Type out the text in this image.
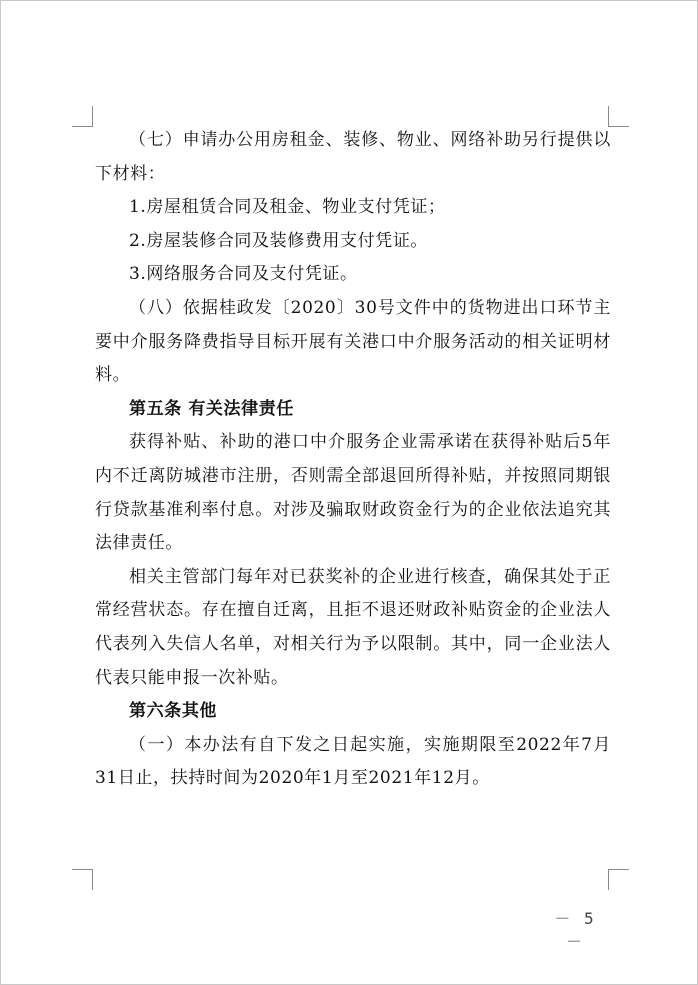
（七）申请办公用房租金、装修、物业、网络补助另行提供以下材料：

1.房屋租赁合同及租金、物业支付凭证；

2.房屋装修合同及装修费用支付凭证。

3.网络服务合同及支付凭证。

（八）依据桂政发〔2020〕30号文件中的货物进出口环节主要中介服务降费指导目标开展有关港口中介服务活动的相关证明材料。

第五条 有关法律责任

获得补贴、补助的港口中介服务企业需承诺在获得补贴后5年内不迁离防城港市注册，否则需全部退回所得补贴，并按照同期银行贷款基准利率付息。对涉及骗取财政资金行为的企业依法追究其法律责任。

相关主管部门每年对已获奖补的企业进行核查，确保其处于正常经营状态。存在擅自迁离，且拒不退还财政补贴资金的企业法人代表列入失信人名单，对相关行为予以限制。其中，同一企业法人代表只能申报一次补贴。

第六条其他

（一）本办法有自下发之日起实施，实施期限至2022年7月31日止，扶持时间为2020年1月至2021年12月。

－ 5 －
